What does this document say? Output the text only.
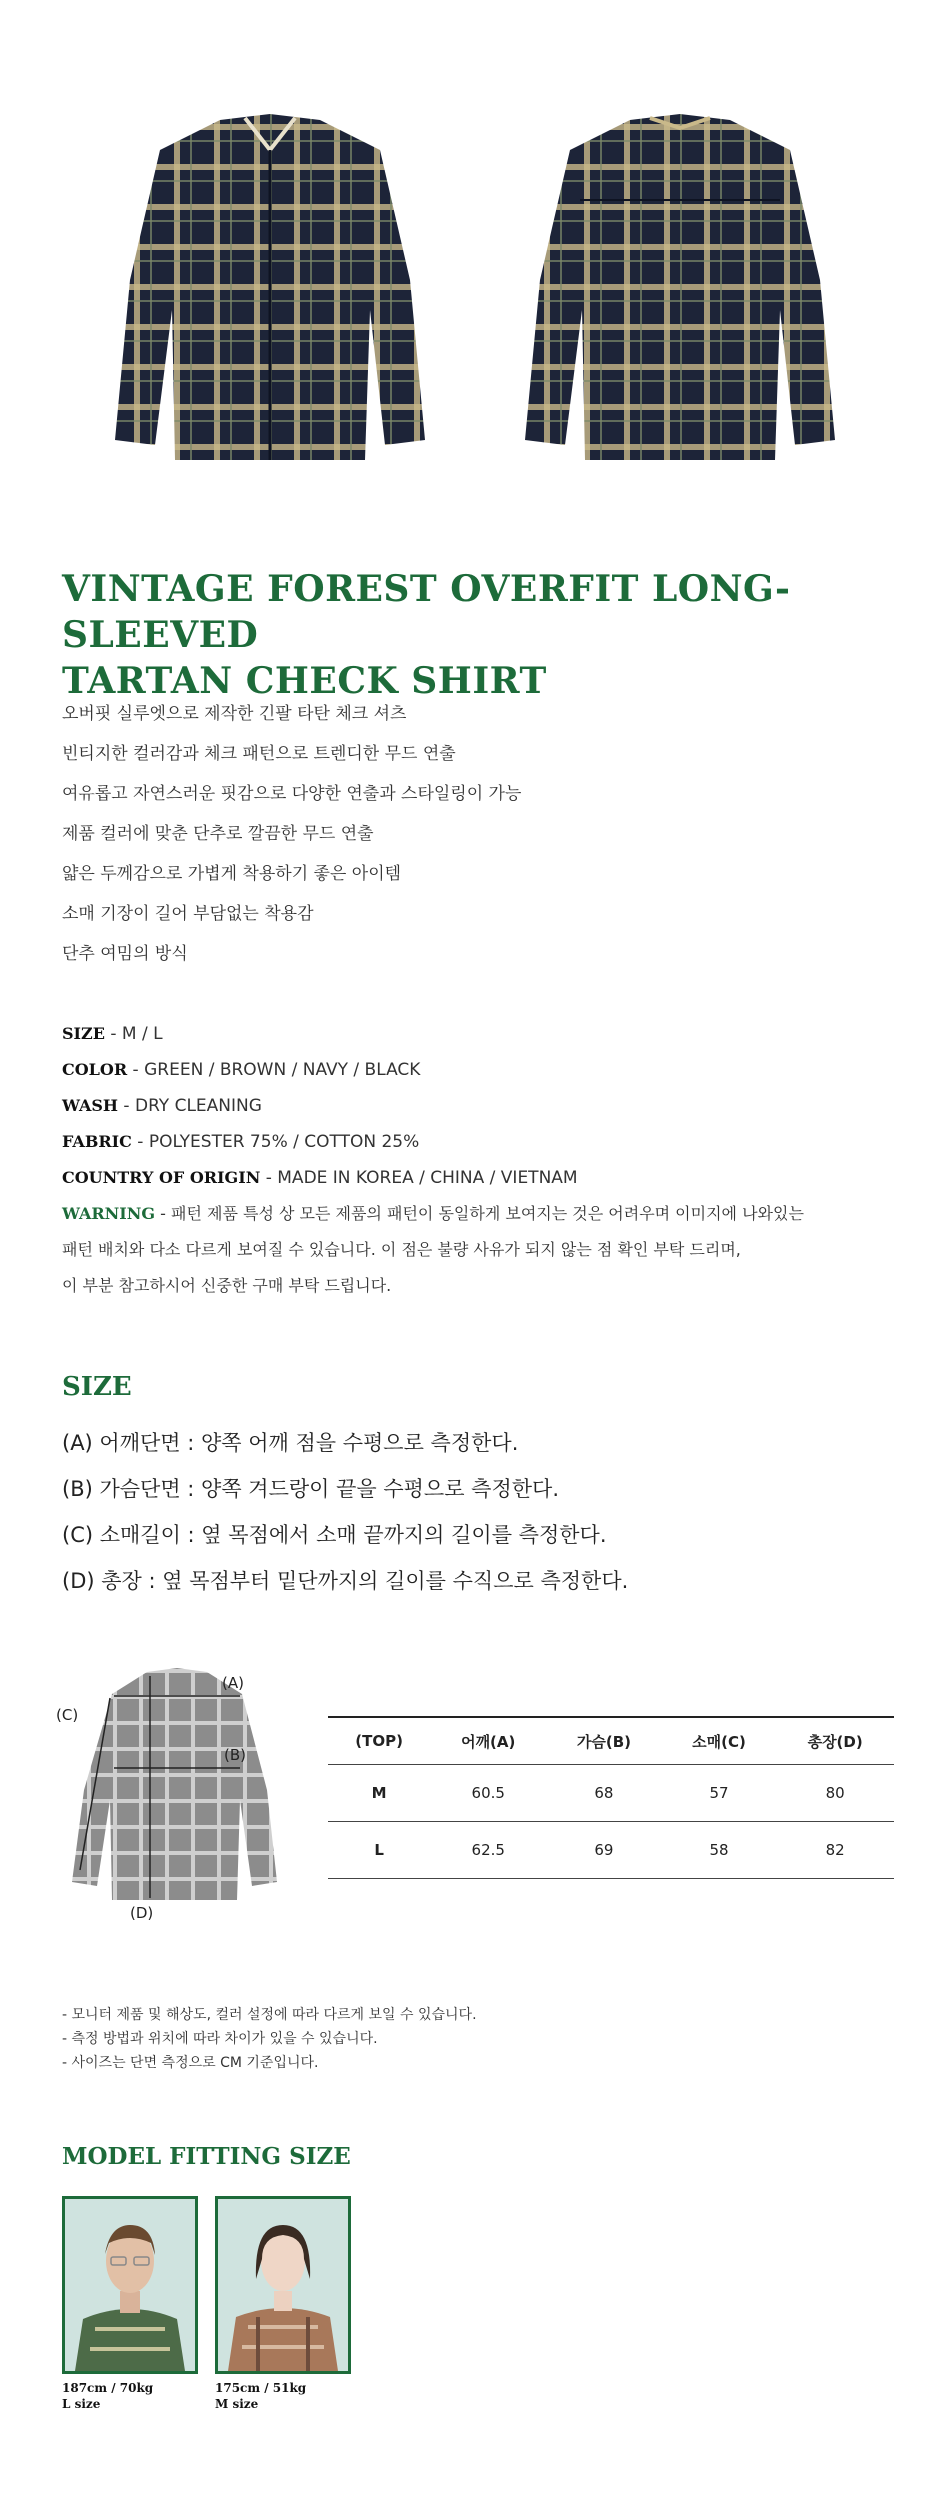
VINTAGE FOREST OVERFIT LONG-SLEEVED
TARTAN CHECK SHIRT
오버핏 실루엣으로 제작한 긴팔 타탄 체크 셔츠
빈티지한 컬러감과 체크 패턴으로 트렌디한 무드 연출
여유롭고 자연스러운 핏감으로 다양한 연출과 스타일링이 가능
제품 컬러에 맞춘 단추로 깔끔한 무드 연출
얇은 두께감으로 가볍게 착용하기 좋은 아이템
소매 기장이 길어 부담없는 착용감
단추 여밈의 방식
SIZE - M / L
COLOR - GREEN / BROWN / NAVY / BLACK
WASH - DRY CLEANING
FABRIC - POLYESTER 75% / COTTON 25%
COUNTRY OF ORIGIN - MADE IN KOREA / CHINA / VIETNAM
WARNING - 패턴 제품 특성 상 모든 제품의 패턴이 동일하게 보여지는 것은 어려우며 이미지에 나와있는
패턴 배치와 다소 다르게 보여질 수 있습니다. 이 점은 불량 사유가 되지 않는 점 확인 부탁 드리며,
이 부분 참고하시어 신중한 구매 부탁 드립니다.
SIZE
(A) 어깨단면 : 양쪽 어깨 점을 수평으로 측정한다.
(B) 가슴단면 : 양쪽 겨드랑이 끝을 수평으로 측정한다.
(C) 소매길이 : 옆 목점에서 소매 끝까지의 길이를 측정한다.
(D) 총장 : 옆 목점부터 밑단까지의 길이를 수직으로 측정한다.
(A)
(B)
(C)
(D)
(TOP)	어깨(A)	가슴(B)	소매(C)	총장(D)
M	60.5	68	57	80
L	62.5	69	58	82
- 모니터 제품 및 해상도, 컬러 설정에 따라 다르게 보일 수 있습니다.
- 측정 방법과 위치에 따라 차이가 있을 수 있습니다.
- 사이즈는 단면 측정으로 CM 기준입니다.
MODEL FITTING SIZE
187cm / 70kg
L size
175cm / 51kg
M size
